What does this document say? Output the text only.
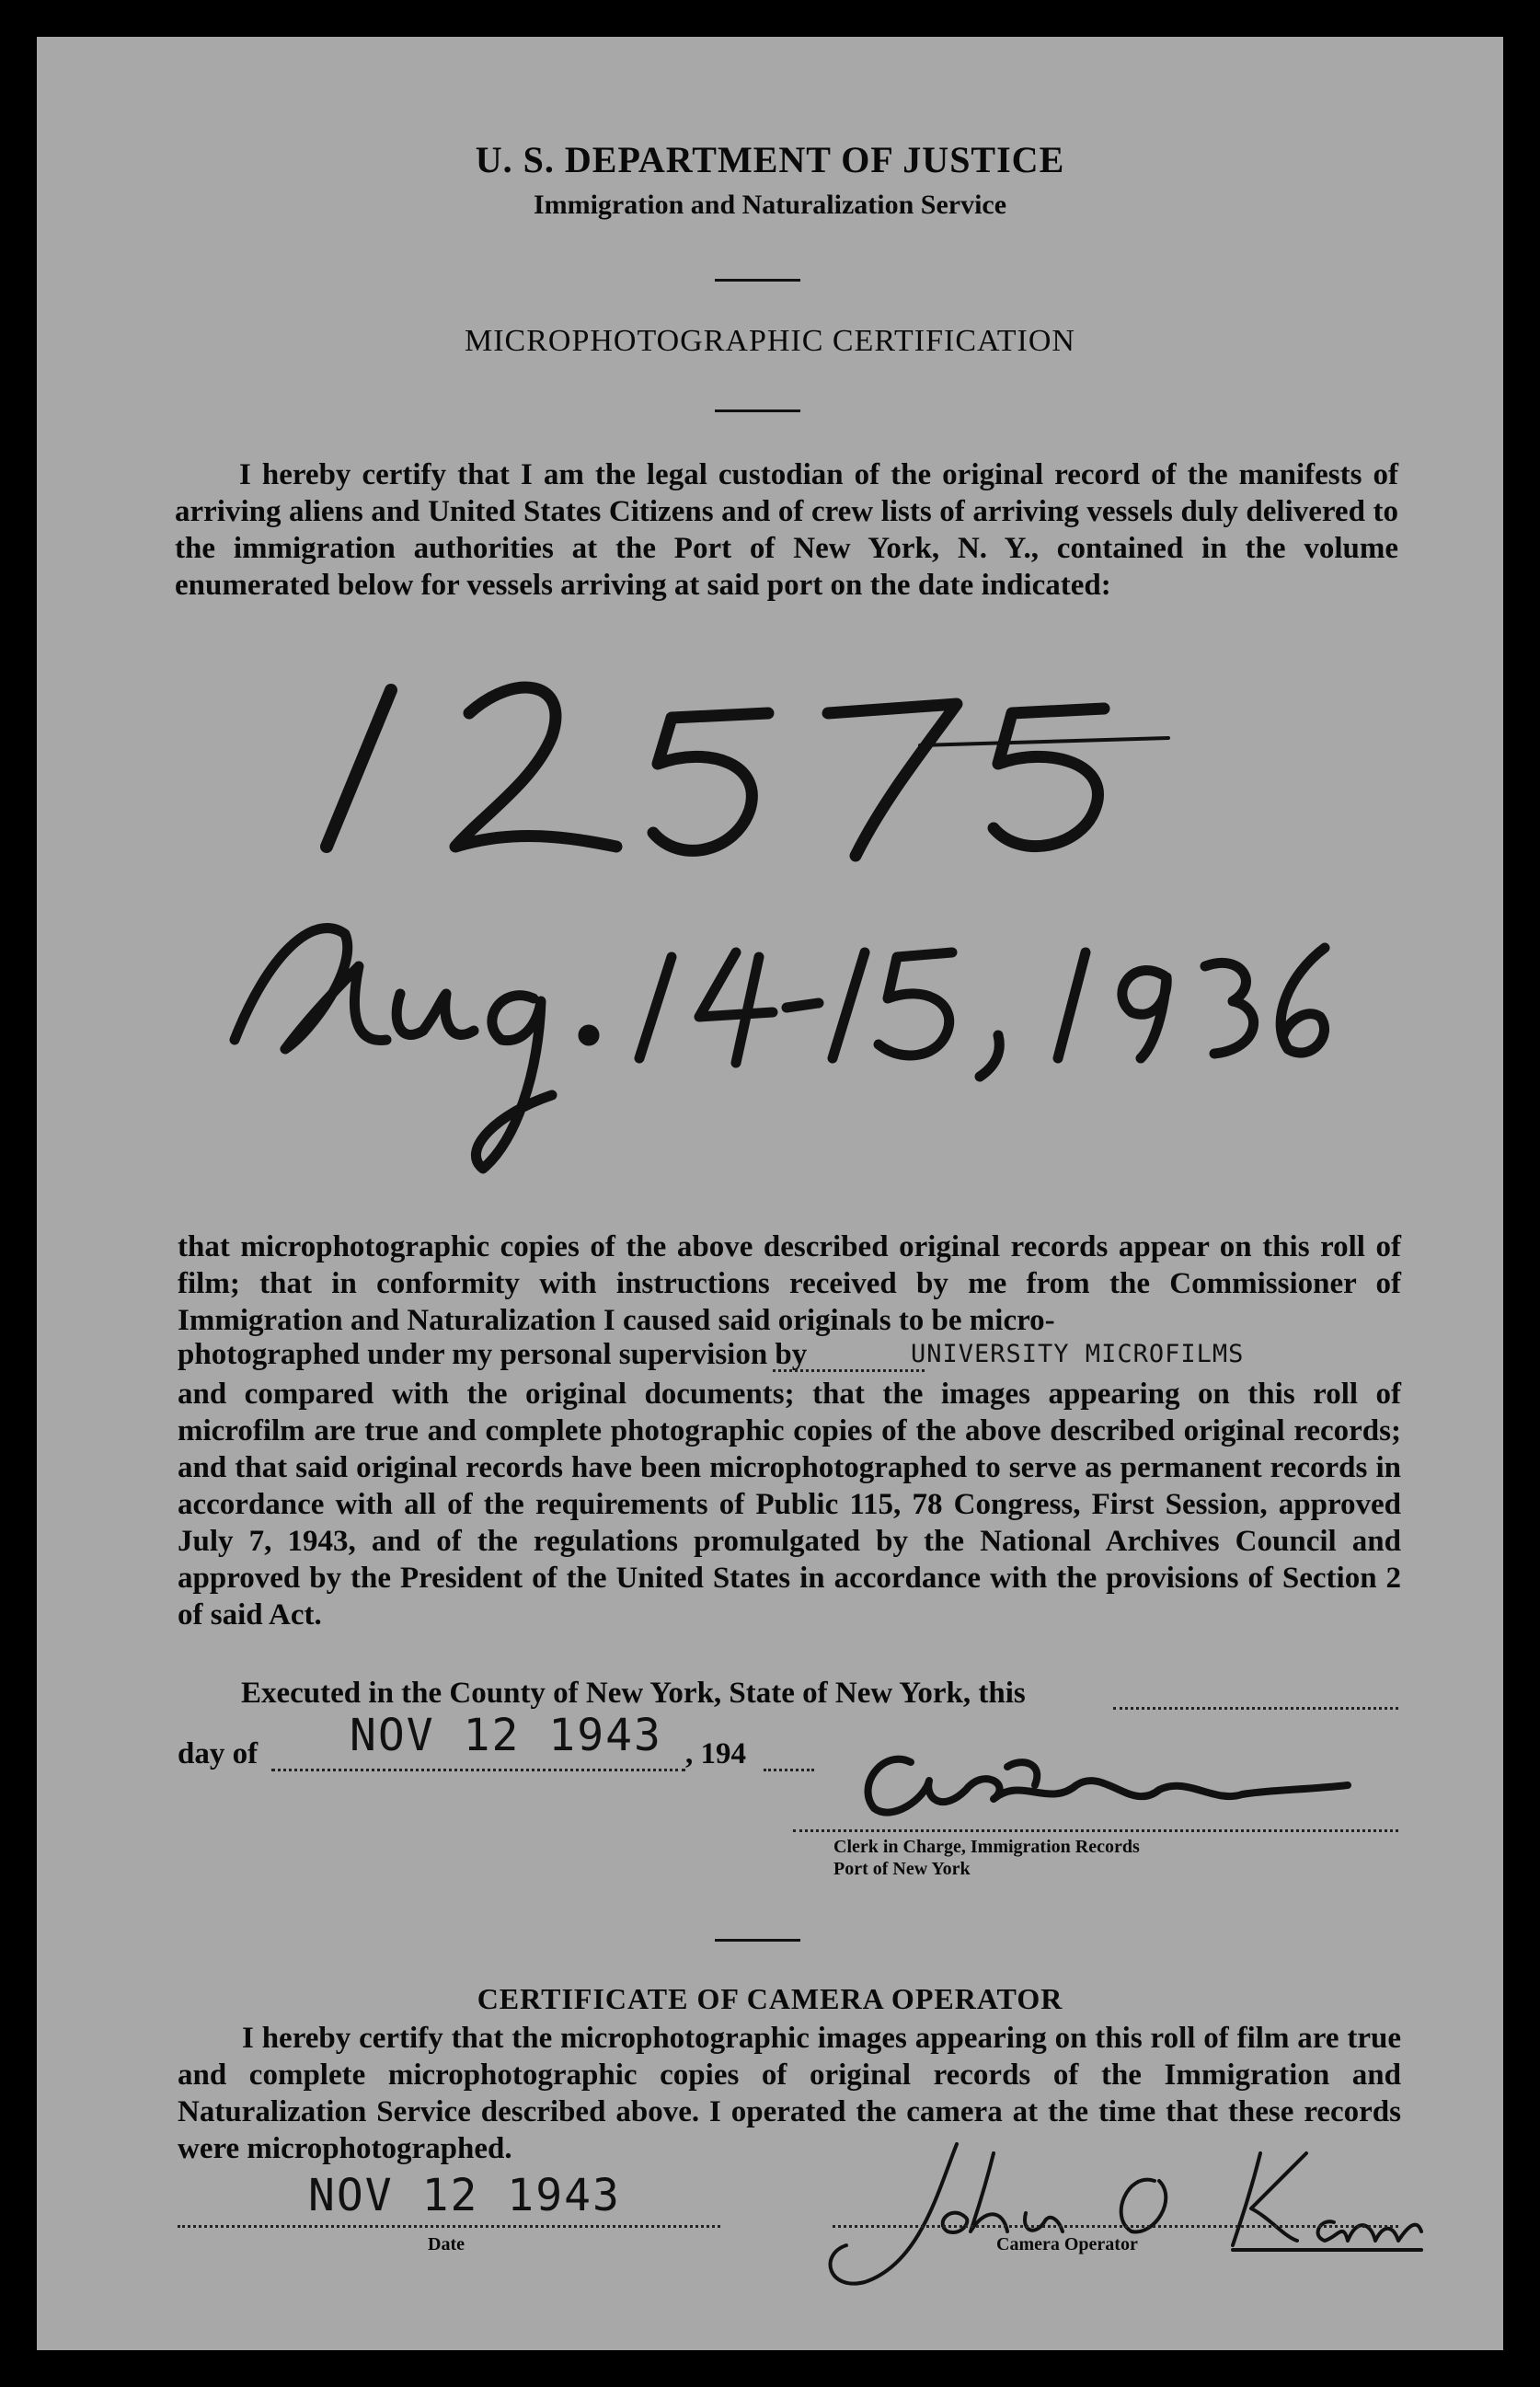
U. S. DEPARTMENT OF JUSTICE
Immigration and Naturalization Service
MICROPHOTOGRAPHIC CERTIFICATION

I hereby certify that I am the legal custodian of the original record of the manifests of arriving aliens and United States Citizens and of crew lists of arriving vessels duly delivered to the immigration authorities at the Port of New York, N. Y., contained in the volume enumerated below for vessels arriving at said port on the date indicated:

that microphotographic copies of the above described original records appear on this roll of film; that in conformity with instructions received by me from the Commissioner of Immigration and Naturalization I caused said originals to be micro-

photographed under my personal supervision by	UNIVERSITY MICROFILMS

and compared with the original documents; that the images appearing on this roll of microfilm are true and complete photographic copies of the above described original records; and that said original records have been microphotographed to serve as permanent records in accordance with all of the requirements of Public 115, 78 Congress, First Session, approved July 7, 1943, and of the regulations promulgated by the National Archives Council and approved by the President of the United States in accordance with the provisions of Section 2 of said Act.

Executed in the County of New York, State of New York, this
day of NOV 12 1943 , 194
Clerk in Charge, Immigration Records
Port of New York
CERTIFICATE OF CAMERA OPERATOR

I hereby certify that the microphotographic images appearing on this roll of film are true and complete microphotographic copies of original records of the Immigration and Naturalization Service described above. I operated the camera at the time that these records were microphotographed.

NOV 12 1943
Date	Camera Operator
